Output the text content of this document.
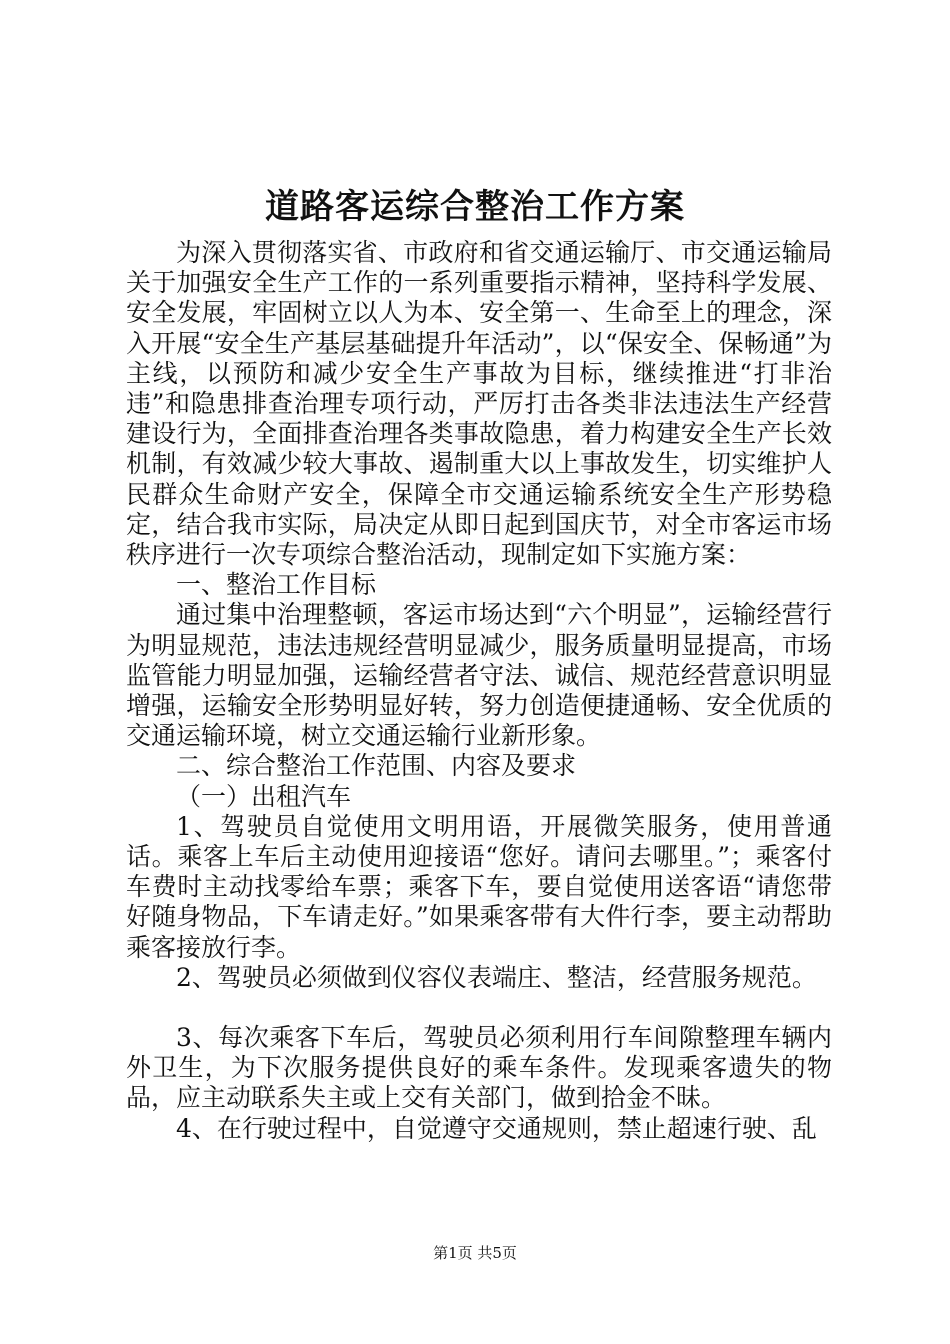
道路客运综合整治工作方案

为深入贯彻落实省、市政府和省交通运输厅、市交通运输局关于加强安全生产工作的一系列重要指示精神，坚持科学发展、安全发展，牢固树立以人为本、安全第一、生命至上的理念，深入开展“安全生产基层基础提升年活动”，以“保安全、保畅通”为主线，以预防和减少安全生产事故为目标，继续推进“打非治违”和隐患排查治理专项行动，严厉打击各类非法违法生产经营建设行为，全面排查治理各类事故隐患，着力构建安全生产长效机制，有效减少较大事故、遏制重大以上事故发生，切实维护人民群众生命财产安全，保障全市交通运输系统安全生产形势稳定，结合我市实际，局决定从即日起到国庆节，对全市客运市场秩序进行一次专项综合整治活动，现制定如下实施方案：

一、整治工作目标

通过集中治理整顿，客运市场达到“六个明显”，运输经营行为明显规范，违法违规经营明显减少，服务质量明显提高，市场监管能力明显加强，运输经营者守法、诚信、规范经营意识明显增强，运输安全形势明显好转，努力创造便捷通畅、安全优质的交通运输环境，树立交通运输行业新形象。

二、综合整治工作范围、内容及要求

（一）出租汽车

1、驾驶员自觉使用文明用语，开展微笑服务，使用普通话。乘客上车后主动使用迎接语“您好。请问去哪里。”；乘客付车费时主动找零给车票；乘客下车，要自觉使用送客语“请您带好随身物品，下车请走好。”如果乘客带有大件行李，要主动帮助乘客接放行李。

2、驾驶员必须做到仪容仪表端庄、整洁，经营服务规范。

3、每次乘客下车后，驾驶员必须利用行车间隙整理车辆内外卫生，为下次服务提供良好的乘车条件。发现乘客遗失的物品，应主动联系失主或上交有关部门，做到拾金不昧。

4、在行驶过程中，自觉遵守交通规则，禁止超速行驶、乱

第1页 共5页
